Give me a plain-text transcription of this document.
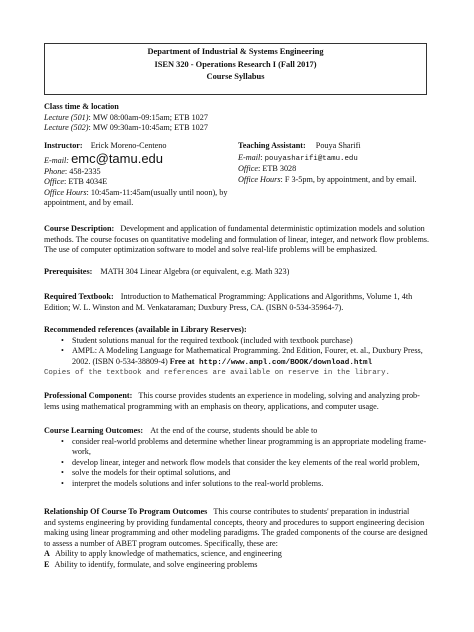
Department of Industrial & Systems Engineering
ISEN 320 - Operations Research I (Fall 2017)
Course Syllabus
Class time & location
Lecture (501): MW 08:00am-09:15am; ETB 1027
Lecture (502): MW 09:30am-10:45am; ETB 1027
Instructor: Erick Moreno-Centeno
E-mail: emc@tamu.edu
Phone: 458-2335
Office: ETB 4034E
Office Hours: 10:45am-11:45am(usually until noon), by
appointment, and by email.
Teaching Assistant: Pouya Sharifi
E-mail: pouyasharifi@tamu.edu
Office: ETB 3028
Office Hours: F 3-5pm, by appointment, and by email.
Course Description: Development and application of fundamental deterministic optimization models and solution
methods. The course focuses on quantitative modeling and formulation of linear, integer, and network flow problems.
The use of computer optimization software to model and solve real-life problems will be emphasized.
Prerequisites: MATH 304 Linear Algebra (or equivalent, e.g. Math 323)
Required Textbook: Introduction to Mathematical Programming: Applications and Algorithms, Volume 1, 4th
Edition; W. L. Winston and M. Venkataraman; Duxbury Press, CA. (ISBN 0-534-35964-7).
Recommended references (available in Library Reserves):
• Student solutions manual for the required textbook (included with textbook purchase)
• AMPL: A Modeling Language for Mathematical Programming. 2nd Edition, Fourer, et. al., Duxbury Press,
2002. (ISBN 0-534-38809-4) Free at http://www.ampl.com/BOOK/download.html
Copies of the textbook and references are available on reserve in the library.
Professional Component: This course provides students an experience in modeling, solving and analyzing prob-
lems using mathematical programming with an emphasis on theory, applications, and computer usage.
Course Learning Outcomes: At the end of the course, students should be able to
• consider real-world problems and determine whether linear programming is an appropriate modeling frame-
work,
• develop linear, integer and network flow models that consider the key elements of the real world problem,
• solve the models for their optimal solutions, and
• interpret the models solutions and infer solutions to the real-world problems.
Relationship Of Course To Program Outcomes This course contributes to students' preparation in industrial
and systems engineering by providing fundamental concepts, theory and procedures to support engineering decision
making using linear programming and other modeling paradigms. The graded components of the course are designed
to assess a number of ABET program outcomes. Specifically, these are:
A Ability to apply knowledge of mathematics, science, and engineering
E Ability to identify, formulate, and solve engineering problems
